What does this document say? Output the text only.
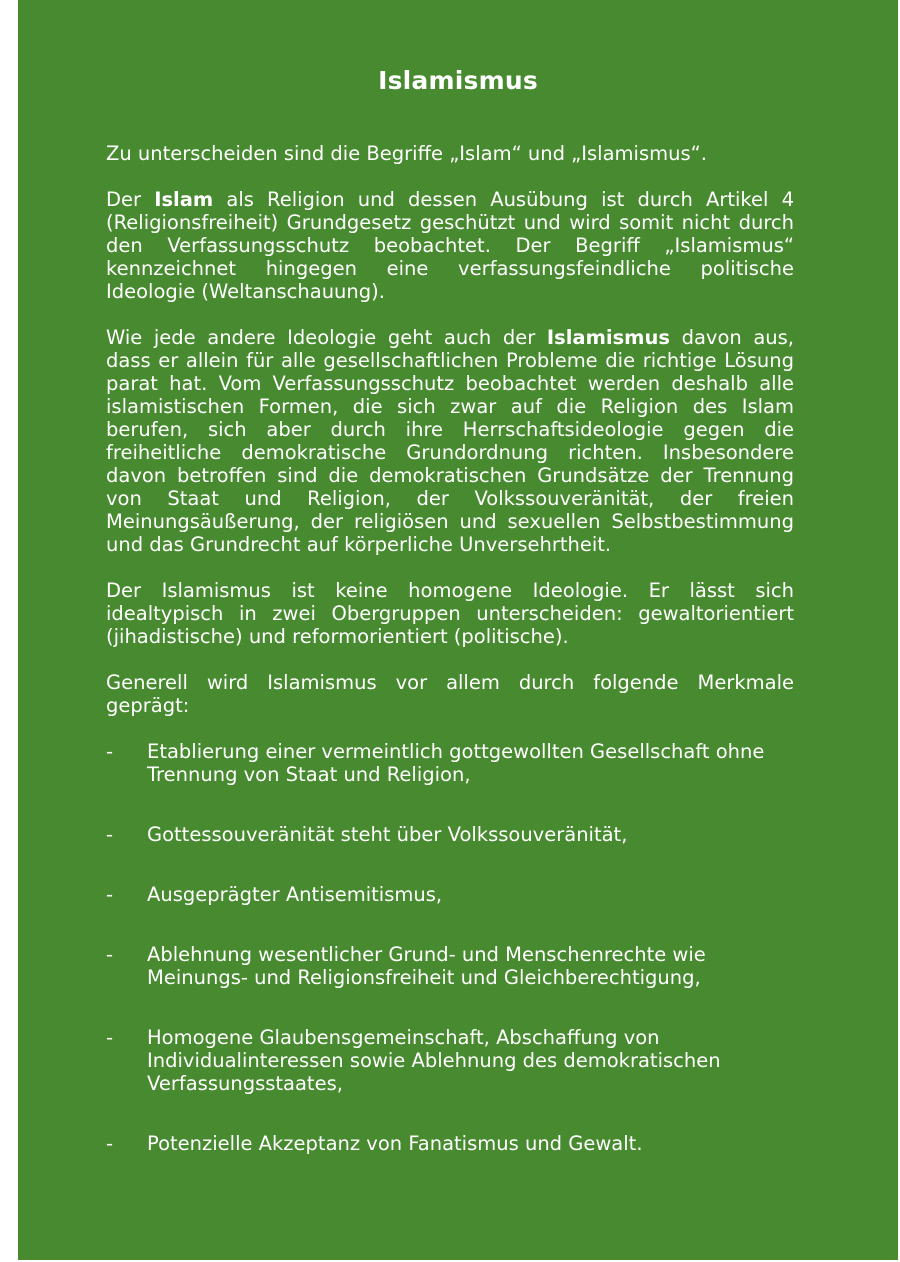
Islamismus

Zu unterscheiden sind die Begriffe „Islam“ und „Islamismus“.

Der Islam als Religion und dessen Ausübung ist durch Artikel 4 (Religionsfreiheit) Grundgesetz geschützt und wird somit nicht durch den Verfassungsschutz beobachtet. Der Begriff „Islamismus“ kennzeichnet hingegen eine verfassungsfeindliche politische Ideologie (Weltanschauung).

Wie jede andere Ideologie geht auch der Islamismus davon aus, dass er allein für alle gesellschaftlichen Probleme die richtige Lösung parat hat. Vom Verfassungsschutz beobachtet werden deshalb alle islamistischen Formen, die sich zwar auf die Religion des Islam berufen, sich aber durch ihre Herrschaftsideologie gegen die freiheitliche demokratische Grundordnung richten. Insbesondere davon betroffen sind die demokratischen Grundsätze der Trennung von Staat und Religion, der Volkssouveränität, der freien Meinungsäußerung, der religiösen und sexuellen Selbstbestimmung und das Grundrecht auf körperliche Unversehrtheit.

Der Islamismus ist keine homogene Ideologie. Er lässt sich idealtypisch in zwei Obergruppen unterscheiden: gewaltorientiert (jihadistische) und reformorientiert (politische).

Generell wird Islamismus vor allem durch folgende Merkmale geprägt:

- Etablierung einer vermeintlich gottgewollten Gesellschaft ohne Trennung von Staat und Religion,
- Gottessouveränität steht über Volkssouveränität,
- Ausgeprägter Antisemitismus,
- Ablehnung wesentlicher Grund- und Menschenrechte wie Meinungs- und Religionsfreiheit und Gleichberechtigung,
- Homogene Glaubensgemeinschaft, Abschaffung von Individualinteressen sowie Ablehnung des demokratischen Verfassungsstaates,
- Potenzielle Akzeptanz von Fanatismus und Gewalt.
